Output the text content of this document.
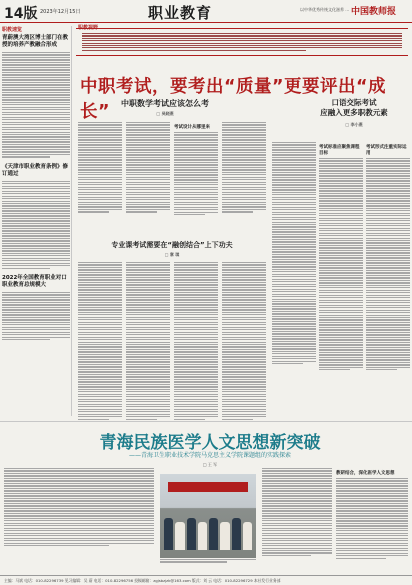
14版 2023年12月15日	职业教育	以中华优秀传统文化滋养 … 中国教师报
职教速览
青蔚澳大湾区博士部门在教授的培养产教融合形成
《天津市职业教育条例》修订通过
2022年全国教育职业对口职业教育总规模大
职教视野
中职考试，要考出“质量”更要评出“成长”	中职数学考试应该怎么考
□ 吴晓燕
考试设计从哪里来
口语交际考试
应融入更多职教元素
□ 李小燕
考试标准应聚焦课程目标
考试形式注重实际运用
专业课考试需要在“融创结合”上下功夫
□ 章 琪
青海民族医学人文思想新突破
——青海卫生职业技术学院马克思主义学院课题组的实践探索
□ 王 军
教研结合，深化医学人文思想
主编：马斌 电话：010-82296739 见习编辑：吴 蔚 电话：010-82296756 投稿邮箱：zgjsbzjzk@163.com 版式：刘 云 电话：010-82296729 本社发行业务部
